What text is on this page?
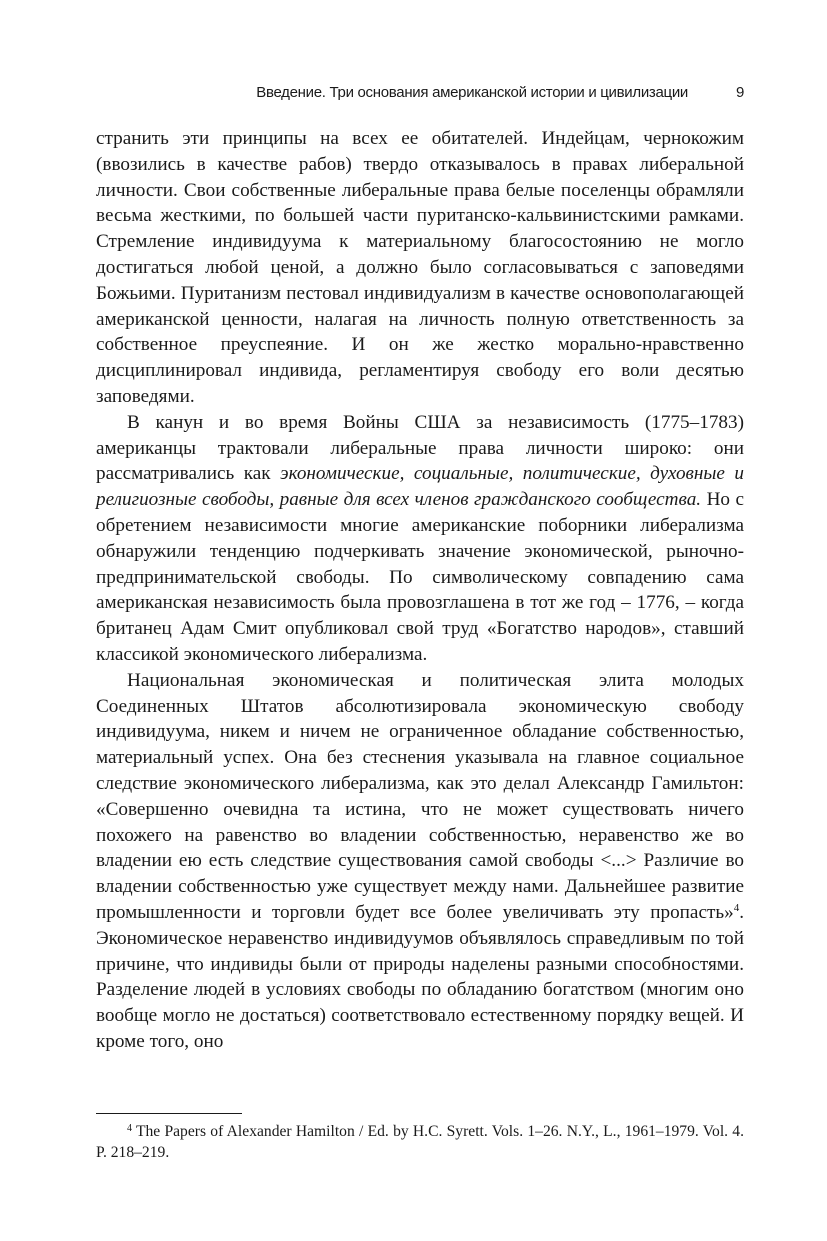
Введение. Три основания американской истории и цивилизации	9

странить эти принципы на всех ее обитателей. Индейцам, чернокожим (ввозились в качестве рабов) твердо отказывалось в правах либеральной личности. Свои собственные либеральные права белые поселенцы обрамляли весьма жесткими, по большей части пуританско-кальвинистскими рамками. Стремление индивидуума к материальному благосостоянию не могло достигаться любой ценой, а должно было согласовываться с заповедями Божьими. Пуританизм пестовал индивидуализм в качестве основополагающей американской ценности, налагая на личность полную ответственность за собственное преуспеяние. И он же жестко морально-нравственно дисциплинировал индивида, регламентируя свободу его воли десятью заповедями.

В канун и во время Войны США за независимость (1775–1783) американцы трактовали либеральные права личности широко: они рассматривались как экономические, социальные, политические, духовные и религиозные свободы, равные для всех членов гражданского сообщества. Но с обретением независимости многие американские поборники либерализма обнаружили тенденцию подчеркивать значение экономической, рыночно-предпринимательской свободы. По символическому совпадению сама американская независимость была провозглашена в тот же год – 1776, – когда британец Адам Смит опубликовал свой труд «Богатство народов», ставший классикой экономического либерализма.

Национальная экономическая и политическая элита молодых Соединенных Штатов абсолютизировала экономическую свободу индивидуума, никем и ничем не ограниченное обладание собственностью, материальный успех. Она без стеснения указывала на главное социальное следствие экономического либерализма, как это делал Александр Гамильтон: «Совершенно очевидна та истина, что не может существовать ничего похожего на равенство во владении собственностью, неравенство же во владении ею есть следствие существования самой свободы <...> Различие во владении собственностью уже существует между нами. Дальнейшее развитие промышленности и торговли будет все более увеличивать эту пропасть»$^4$. Экономическое неравенство индивидуумов объявлялось справедливым по той причине, что индивиды были от природы наделены разными способностями. Разделение людей в условиях свободы по обладанию богатством (многим оно вообще могло не достаться) соответствовало естественному порядку вещей. И кроме того, оно

$^4$ The Papers of Alexander Hamilton / Ed. by H.C. Syrett. Vols. 1–26. N.Y., L., 1961–1979. Vol. 4. P. 218–219.
